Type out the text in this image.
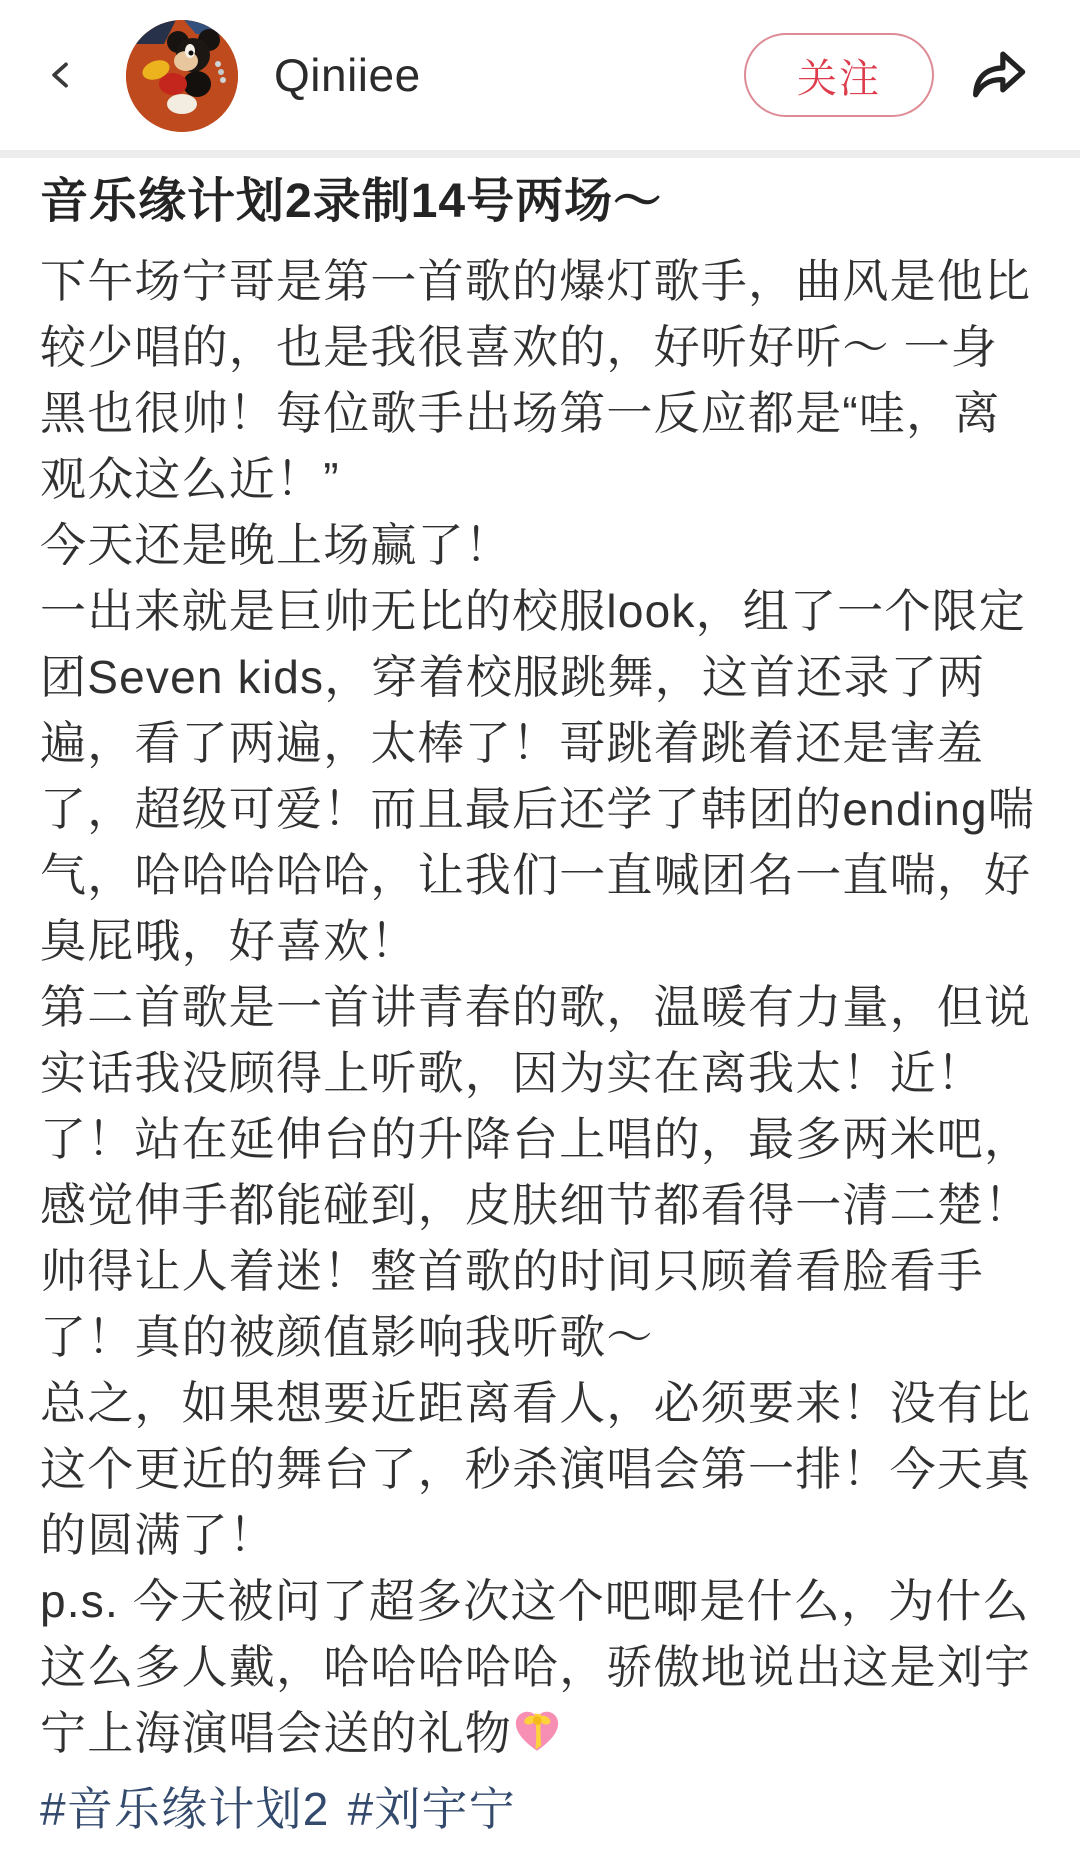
Qiniiee	关注
音乐缘计划2录制14号两场～

下午场宁哥是第一首歌的爆灯歌手，曲风是他比较少唱的，也是我很喜欢的，好听好听～ 一身黑也很帅！每位歌手出场第一反应都是“哇，离观众这么近！”

今天还是晚上场赢了！

一出来就是巨帅无比的校服look，组了一个限定团Seven kids，穿着校服跳舞，这首还录了两遍，看了两遍，太棒了！哥跳着跳着还是害羞了，超级可爱！而且最后还学了韩团的ending喘气，哈哈哈哈哈，让我们一直喊团名一直喘，好臭屁哦，好喜欢！

第二首歌是一首讲青春的歌，温暖有力量，但说实话我没顾得上听歌，因为实在离我太！近！了！站在延伸台的升降台上唱的，最多两米吧，感觉伸手都能碰到，皮肤细节都看得一清二楚！帅得让人着迷！整首歌的时间只顾着看脸看手了！真的被颜值影响我听歌～

总之，如果想要近距离看人，必须要来！没有比这个更近的舞台了，秒杀演唱会第一排！今天真的圆满了！

p.s. 今天被问了超多次这个吧唧是什么，为什么这么多人戴，哈哈哈哈哈，骄傲地说出这是刘宇宁上海演唱会送的礼物

#音乐缘计划2 #刘宇宁
